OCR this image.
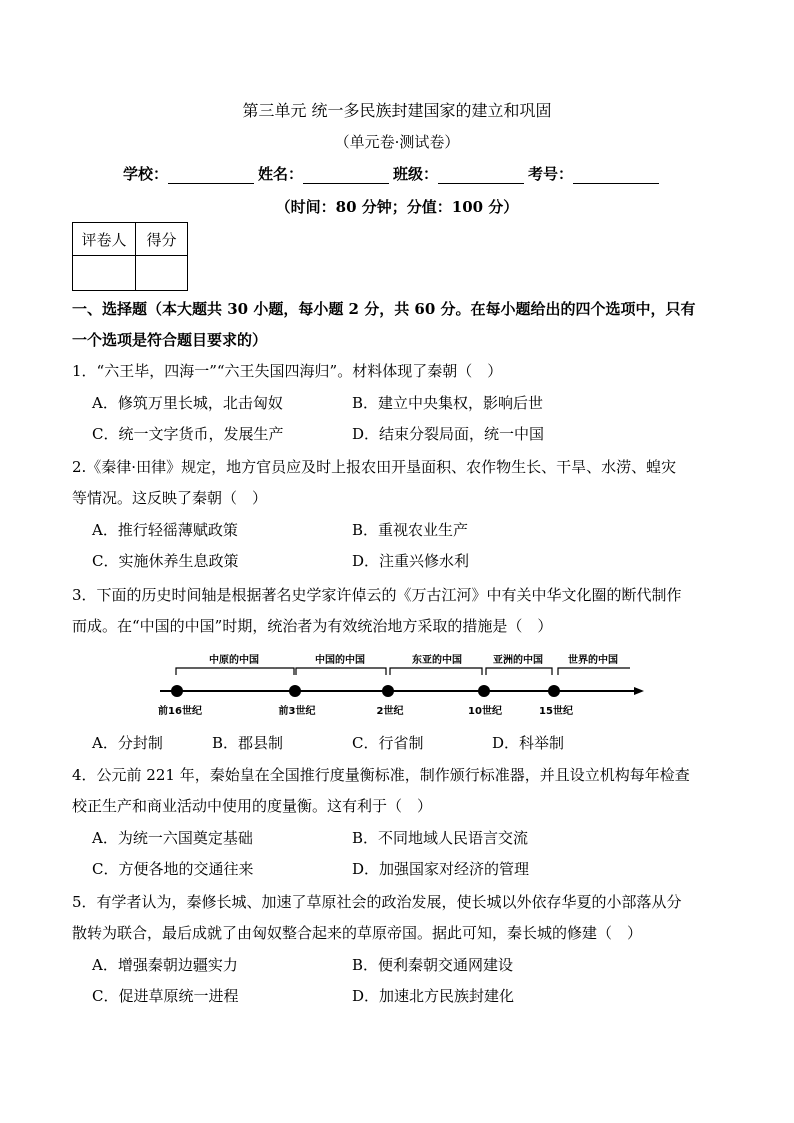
第三单元 统一多民族封建国家的建立和巩固
（单元卷·测试卷）
学校：	姓名：	班级：	考号：
（时间：80 分钟；分值：100 分）
评卷人	得分

一、选择题（本大题共 30 小题，每小题 2 分，共 60 分。在每小题给出的四个选项中，只有
一个选项是符合题目要求的）
1．“六王毕，四海一”“六王失国四海归”。材料体现了秦朝（　）
A．修筑万里长城，北击匈奴	B．建立中央集权，影响后世
C．统一文字货币，发展生产	D．结束分裂局面，统一中国
2.《秦律·田律》规定，地方官员应及时上报农田开垦面积、农作物生长、干旱、水涝、蝗灾
等情况。这反映了秦朝（　）
A．推行轻徭薄赋政策	B．重视农业生产
C．实施休养生息政策	D．注重兴修水利
3．下面的历史时间轴是根据著名史学家许倬云的《万古江河》中有关中华文化圈的断代制作
而成。在“中国的中国”时期，统治者为有效统治地方采取的措施是（　）
中原的中国	中国的中国	东亚的中国	亚洲的中国	世界的中国
前16世纪	前3世纪	2世纪	10世纪	15世纪
A．分封制	B．郡县制	C．行省制	D．科举制
4．公元前 221 年，秦始皇在全国推行度量衡标准，制作颁行标准器，并且设立机构每年检查
校正生产和商业活动中使用的度量衡。这有利于（　）
A．为统一六国奠定基础	B．不同地域人民语言交流
C．方便各地的交通往来	D．加强国家对经济的管理
5．有学者认为，秦修长城、加速了草原社会的政治发展，使长城以外依存华夏的小部落从分
散转为联合，最后成就了由匈奴整合起来的草原帝国。据此可知，秦长城的修建（　）
A．增强秦朝边疆实力	B．便利秦朝交通网建设
C．促进草原统一进程	D．加速北方民族封建化
